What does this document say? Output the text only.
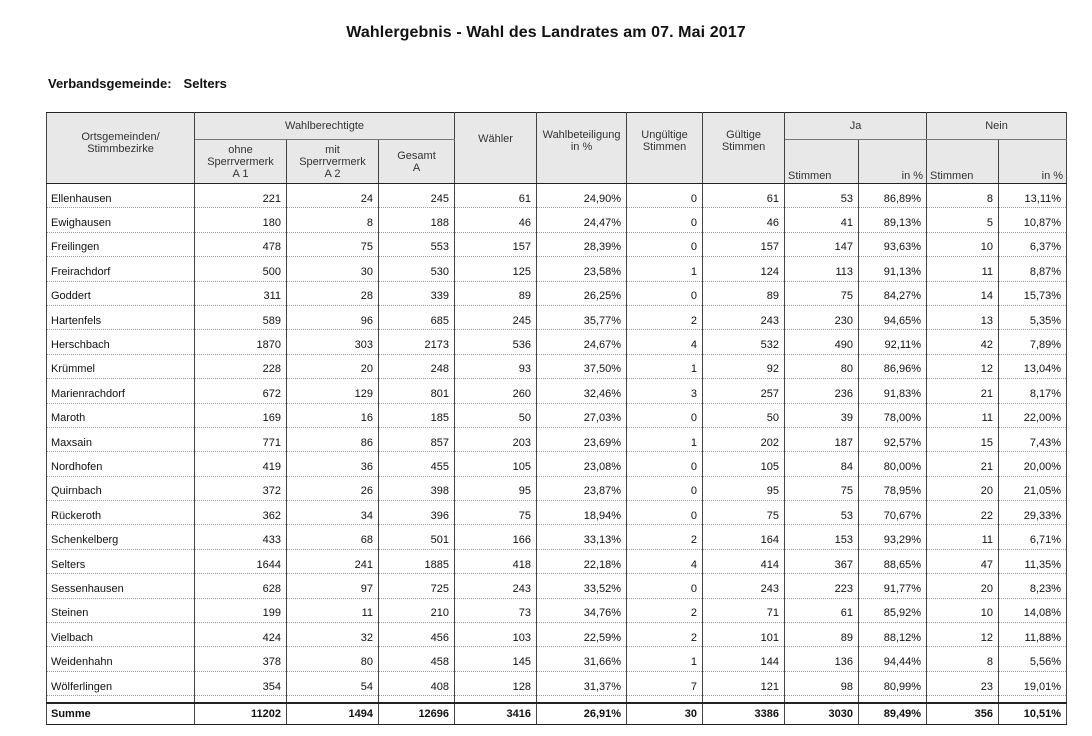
Wahlergebnis - Wahl des Landrates am 07. Mai 2017
Verbandsgemeinde: Selters
Ortsgemeinden/ Stimmbezirke	Wahlberechtigte			Wähler	Wahlbeteiligung in %	Ungültige Stimmen	Gültige Stimmen	Ja		Nein	
	ohne Sperrvermerk A 1	mit Sperrvermerk A 2	Gesamt A					Stimmen	in %	Stimmen	in %
Ellenhausen	221	24	245	61	24,90%	0	61	53	86,89%	8	13,11%
Ewighausen	180	8	188	46	24,47%	0	46	41	89,13%	5	10,87%
Freilingen	478	75	553	157	28,39%	0	157	147	93,63%	10	6,37%
Freirachdorf	500	30	530	125	23,58%	1	124	113	91,13%	11	8,87%
Goddert	311	28	339	89	26,25%	0	89	75	84,27%	14	15,73%
Hartenfels	589	96	685	245	35,77%	2	243	230	94,65%	13	5,35%
Herschbach	1870	303	2173	536	24,67%	4	532	490	92,11%	42	7,89%
Krümmel	228	20	248	93	37,50%	1	92	80	86,96%	12	13,04%
Marienrachdorf	672	129	801	260	32,46%	3	257	236	91,83%	21	8,17%
Maroth	169	16	185	50	27,03%	0	50	39	78,00%	11	22,00%
Maxsain	771	86	857	203	23,69%	1	202	187	92,57%	15	7,43%
Nordhofen	419	36	455	105	23,08%	0	105	84	80,00%	21	20,00%
Quirnbach	372	26	398	95	23,87%	0	95	75	78,95%	20	21,05%
Rückeroth	362	34	396	75	18,94%	0	75	53	70,67%	22	29,33%
Schenkelberg	433	68	501	166	33,13%	2	164	153	93,29%	11	6,71%
Selters	1644	241	1885	418	22,18%	4	414	367	88,65%	47	11,35%
Sessenhausen	628	97	725	243	33,52%	0	243	223	91,77%	20	8,23%
Steinen	199	11	210	73	34,76%	2	71	61	85,92%	10	14,08%
Vielbach	424	32	456	103	22,59%	2	101	89	88,12%	12	11,88%
Weidenhahn	378	80	458	145	31,66%	1	144	136	94,44%	8	5,56%
Wölferlingen	354	54	408	128	31,37%	7	121	98	80,99%	23	19,01%

Summe	11202	1494	12696	3416	26,91%	30	3386	3030	89,49%	356	10,51%
